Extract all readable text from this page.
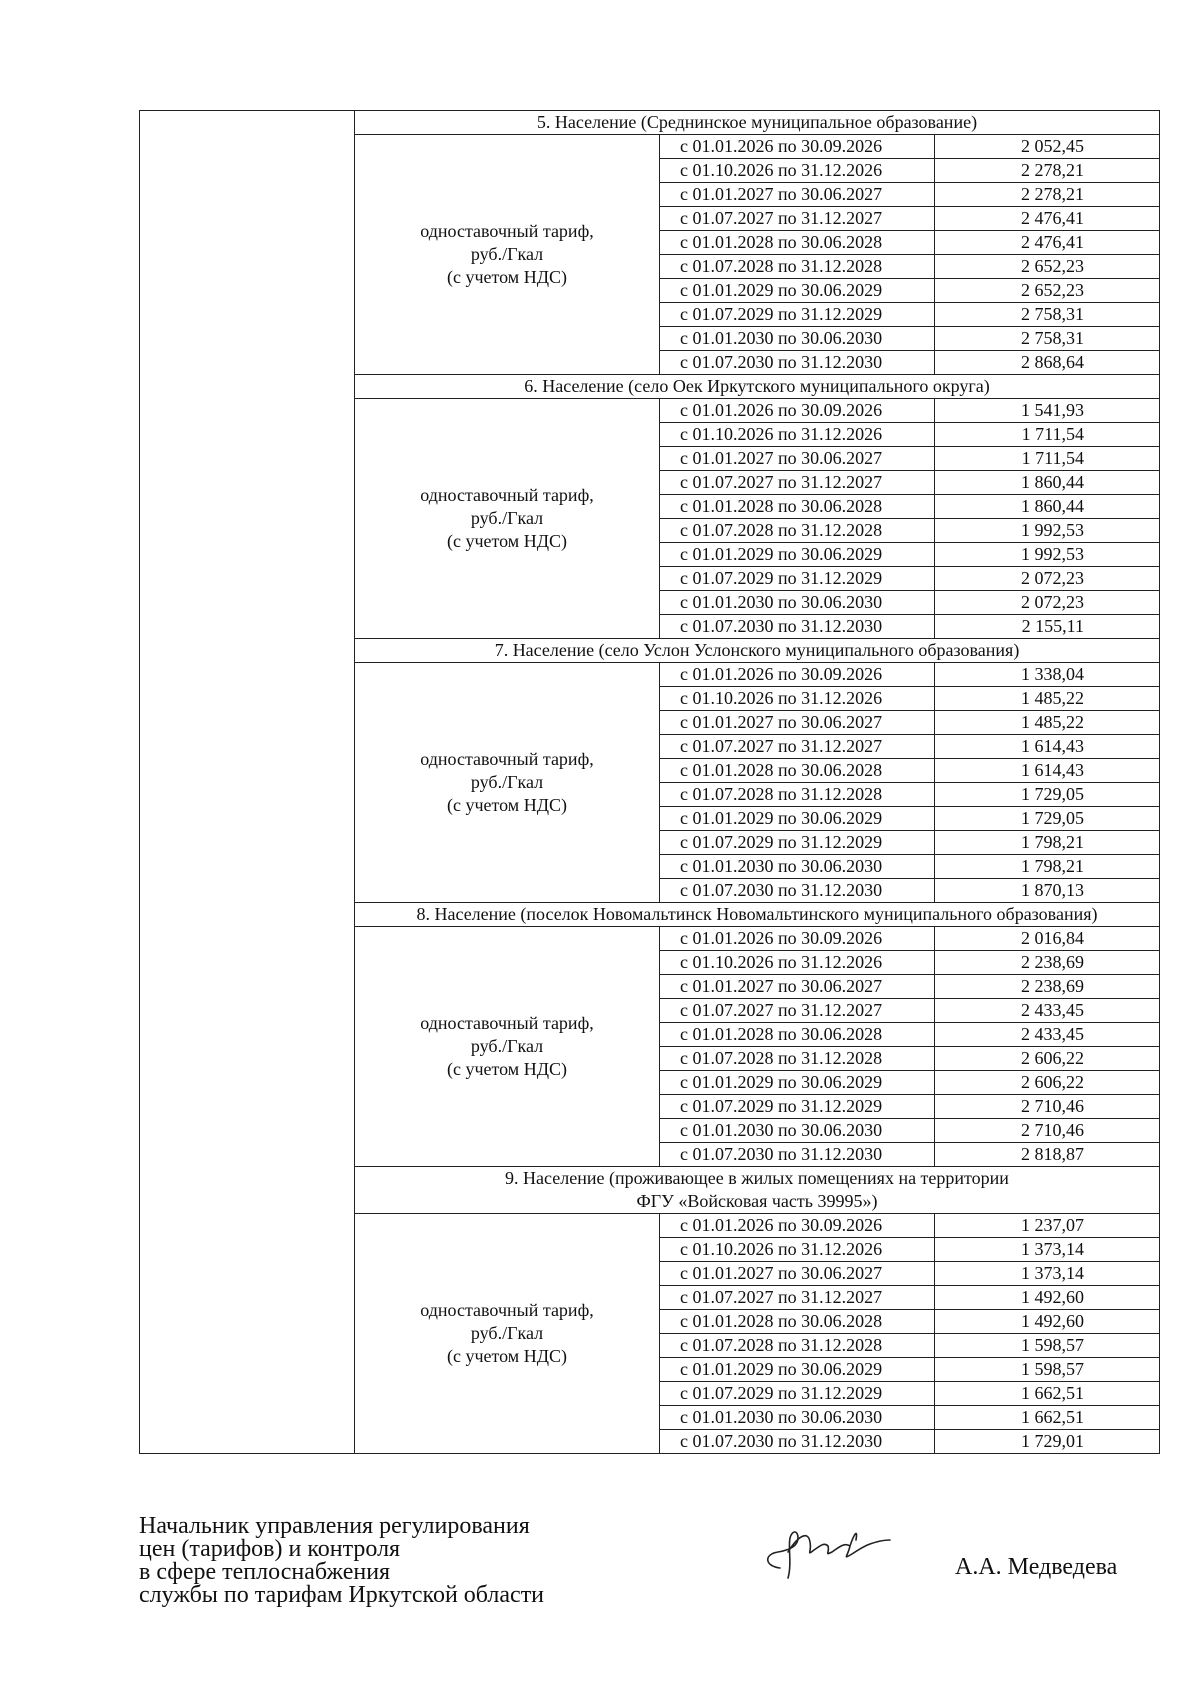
	5. Население (Среднинское муниципальное образование)		

	одноставочный тариф,
руб./Гкал
(с учетом НДС)	с 01.01.2026 по 30.09.2026	2 052,45
		с 01.10.2026 по 31.12.2026	2 278,21
		с 01.01.2027 по 30.06.2027	2 278,21
		с 01.07.2027 по 31.12.2027	2 476,41
		с 01.01.2028 по 30.06.2028	2 476,41
		с 01.07.2028 по 31.12.2028	2 652,23
		с 01.01.2029 по 30.06.2029	2 652,23
		с 01.07.2029 по 31.12.2029	2 758,31
		с 01.01.2030 по 30.06.2030	2 758,31
		с 01.07.2030 по 31.12.2030	2 868,64
	6. Население (село Оек Иркутского муниципального округа)		

	одноставочный тариф,
руб./Гкал
(с учетом НДС)	с 01.01.2026 по 30.09.2026	1 541,93
		с 01.10.2026 по 31.12.2026	1 711,54
		с 01.01.2027 по 30.06.2027	1 711,54
		с 01.07.2027 по 31.12.2027	1 860,44
		с 01.01.2028 по 30.06.2028	1 860,44
		с 01.07.2028 по 31.12.2028	1 992,53
		с 01.01.2029 по 30.06.2029	1 992,53
		с 01.07.2029 по 31.12.2029	2 072,23
		с 01.01.2030 по 30.06.2030	2 072,23
		с 01.07.2030 по 31.12.2030	2 155,11
	7. Население (село Услон Услонского муниципального образования)		

	одноставочный тариф,
руб./Гкал
(с учетом НДС)	с 01.01.2026 по 30.09.2026	1 338,04
		с 01.10.2026 по 31.12.2026	1 485,22
		с 01.01.2027 по 30.06.2027	1 485,22
		с 01.07.2027 по 31.12.2027	1 614,43
		с 01.01.2028 по 30.06.2028	1 614,43
		с 01.07.2028 по 31.12.2028	1 729,05
		с 01.01.2029 по 30.06.2029	1 729,05
		с 01.07.2029 по 31.12.2029	1 798,21
		с 01.01.2030 по 30.06.2030	1 798,21
		с 01.07.2030 по 31.12.2030	1 870,13
	8. Население (поселок Новомальтинск Новомальтинского муниципального образования)		

	одноставочный тариф,
руб./Гкал
(с учетом НДС)	с 01.01.2026 по 30.09.2026	2 016,84
		с 01.10.2026 по 31.12.2026	2 238,69
		с 01.01.2027 по 30.06.2027	2 238,69
		с 01.07.2027 по 31.12.2027	2 433,45
		с 01.01.2028 по 30.06.2028	2 433,45
		с 01.07.2028 по 31.12.2028	2 606,22
		с 01.01.2029 по 30.06.2029	2 606,22
		с 01.07.2029 по 31.12.2029	2 710,46
		с 01.01.2030 по 30.06.2030	2 710,46
		с 01.07.2030 по 31.12.2030	2 818,87

	9. Население (проживающее в жилых помещениях на территории
ФГУ «Войсковая часть 39995»)		

	одноставочный тариф,
руб./Гкал
(с учетом НДС)	с 01.01.2026 по 30.09.2026	1 237,07
		с 01.10.2026 по 31.12.2026	1 373,14
		с 01.01.2027 по 30.06.2027	1 373,14
		с 01.07.2027 по 31.12.2027	1 492,60
		с 01.01.2028 по 30.06.2028	1 492,60
		с 01.07.2028 по 31.12.2028	1 598,57
		с 01.01.2029 по 30.06.2029	1 598,57
		с 01.07.2029 по 31.12.2029	1 662,51
		с 01.01.2030 по 30.06.2030	1 662,51
		с 01.07.2030 по 31.12.2030	1 729,01
Начальник управления регулирования
цен (тарифов) и контроля
в сфере теплоснабжения
службы по тарифам Иркутской области
А.А. Медведева
